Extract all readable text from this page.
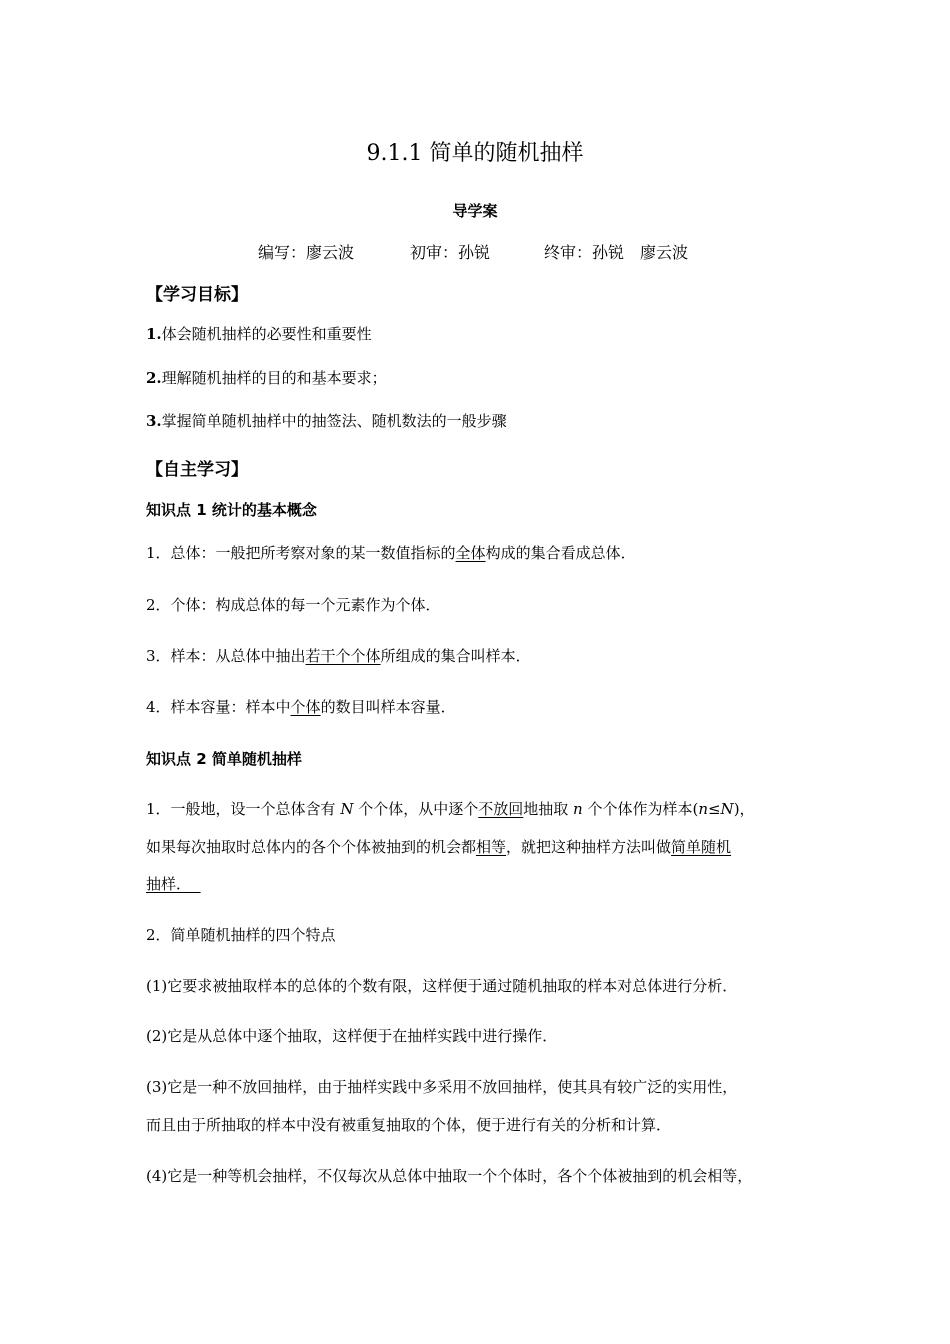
9.1.1 简单的随机抽样
导学案
编写：廖云波	初审：孙锐	终审：孙锐　廖云波
【学习目标】
1.体会随机抽样的必要性和重要性
2.理解随机抽样的目的和基本要求；
3.掌握简单随机抽样中的抽签法、随机数法的一般步骤
【自主学习】
知识点 1 统计的基本概念
1．总体：一般把所考察对象的某一数值指标的全体构成的集合看成总体．
2．个体：构成总体的每一个元素作为个体．
3．样本：从总体中抽出若干个个体所组成的集合叫样本．
4．样本容量：样本中个体的数目叫样本容量．
知识点 2 简单随机抽样
1．一般地，设一个总体含有 N 个个体，从中逐个不放回地抽取 n 个个体作为样本(n≤N)，
如果每次抽取时总体内的各个个体被抽到的机会都相等，就把这种抽样方法叫做简单随机
抽样．
2．简单随机抽样的四个特点
(1)它要求被抽取样本的总体的个数有限，这样便于通过随机抽取的样本对总体进行分析．
(2)它是从总体中逐个抽取，这样便于在抽样实践中进行操作．
(3)它是一种不放回抽样，由于抽样实践中多采用不放回抽样，使其具有较广泛的实用性，
而且由于所抽取的样本中没有被重复抽取的个体，便于进行有关的分析和计算．
(4)它是一种等机会抽样，不仅每次从总体中抽取一个个体时，各个个体被抽到的机会相等，
